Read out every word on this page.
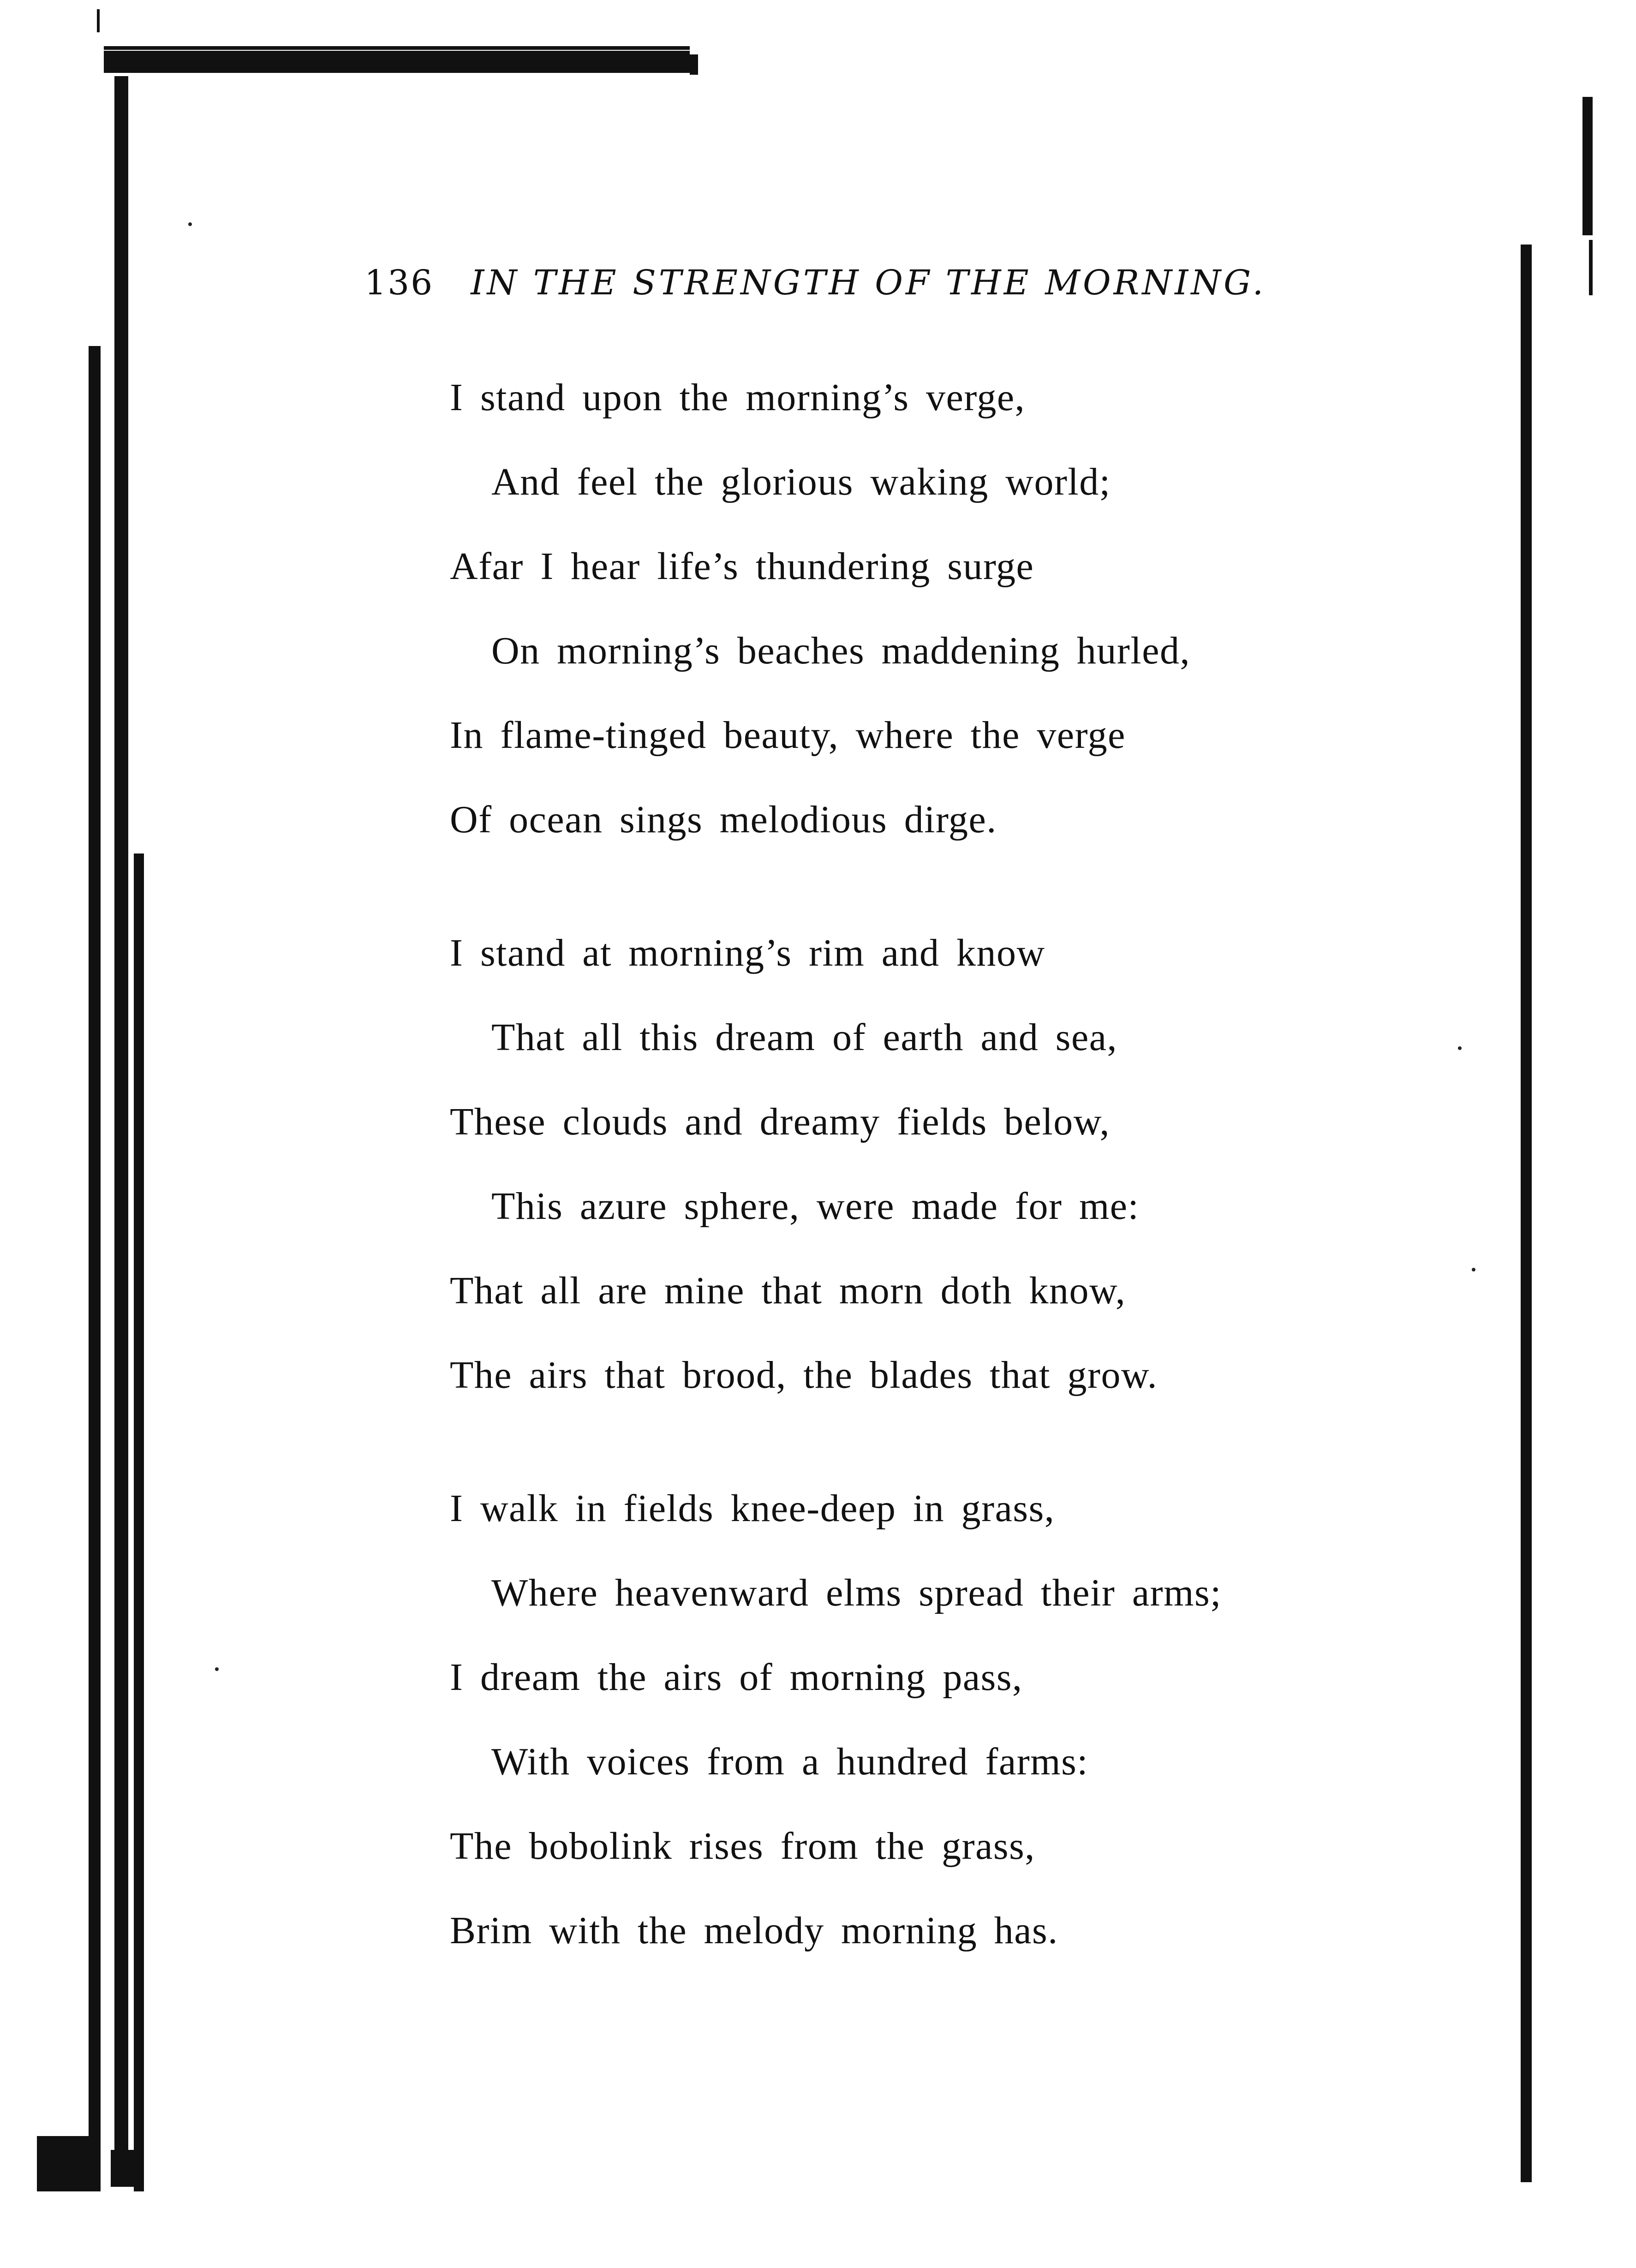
136 IN THE STRENGTH OF THE MORNING.
I stand upon the morning’s verge,
And feel the glorious waking world;
Afar I hear life’s thundering surge
On morning’s beaches maddening hurled,
In flame-tinged beauty, where the verge
Of ocean sings melodious dirge.
I stand at morning’s rim and know
That all this dream of earth and sea,
These clouds and dreamy fields below,
This azure sphere, were made for me:
That all are mine that morn doth know,
The airs that brood, the blades that grow.
I walk in fields knee-deep in grass,
Where heavenward elms spread their arms;
I dream the airs of morning pass,
With voices from a hundred farms:
The bobolink rises from the grass,
Brim with the melody morning has.
